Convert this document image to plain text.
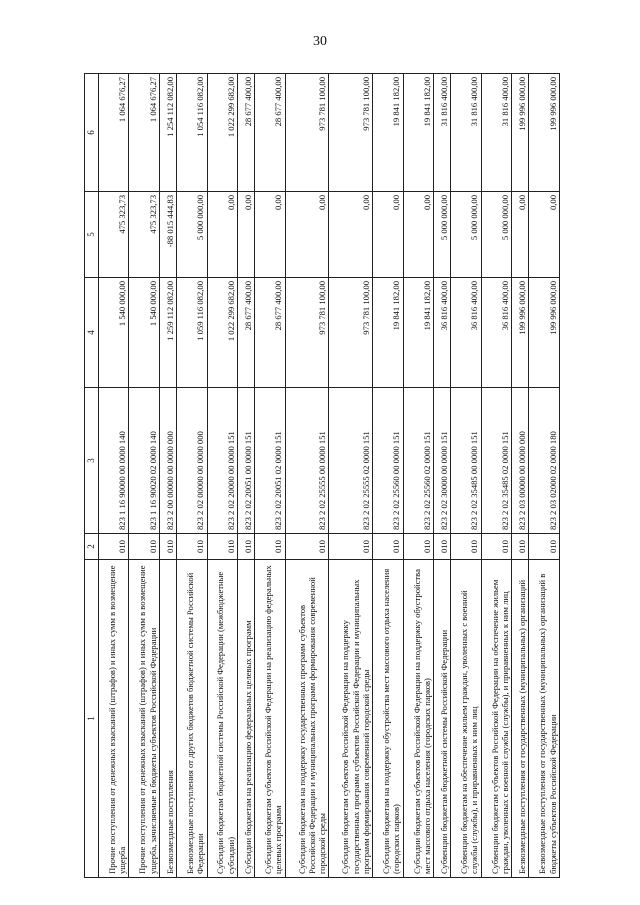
30
1	2	3	4	5	6
Прочие поступления от денежных взысканий (штрафов) и иных сумм в возмещение ущерба	010	823 1 16 90000 00 0000 140	1 540 000,00	475 323,73	1 064 676,27
Прочие поступления от денежных взысканий (штрафов) и иных сумм в возмещение ущерба, зачисляемые в бюджеты субъектов Российской Федерации	010	823 1 16 90020 02 0000 140	1 540 000,00	475 323,73	1 064 676,27
Безвозмездные поступления	010	823 2 00 00000 00 0000 000	1 259 112 082,00	-88 015 444,83	1 254 112 082,00
Безвозмездные поступления от других бюджетов бюджетной системы Российской Федерации	010	823 2 02 00000 00 0000 000	1 059 116 082,00	5 000 000,00	1 054 116 082,00
Субсидии бюджетам бюджетной системы Российской Федерации (межбюджетные субсидии)	010	823 2 02 20000 00 0000 151	1 022 299 682,00	0,00	1 022 299 682,00
Субсидии бюджетам на реализацию федеральных целевых программ	010	823 2 02 20051 00 0000 151	28 677 400,00	0,00	28 677 400,00
Субсидии бюджетам субъектов Российской Федерации на реализацию федеральных целевых программ	010	823 2 02 20051 02 0000 151	28 677 400,00	0,00	28 677 400,00
Субсидии бюджетам на поддержку государственных программ субъектов Российской Федерации и муниципальных программ формирования современной городской среды	010	823 2 02 25555 00 0000 151	973 781 100,00	0,00	973 781 100,00
Субсидии бюджетам субъектов Российской Федерации на поддержку государственных программ субъектов Российской Федерации и муниципальных программ формирования современной городской среды	010	823 2 02 25555 02 0000 151	973 781 100,00	0,00	973 781 100,00
Субсидии бюджетам на поддержку обустройства мест массового отдыха населения (городских парков)	010	823 2 02 25560 00 0000 151	19 841 182,00	0,00	19 841 182,00
Субсидии бюджетам субъектов Российской Федерации на поддержку обустройства мест массового отдыха населения (городских парков)	010	823 2 02 25560 02 0000 151	19 841 182,00	0,00	19 841 182,00
Субвенции бюджетам бюджетной системы Российской Федерации	010	823 2 02 30000 00 0000 151	36 816 400,00	5 000 000,00	31 816 400,00
Субвенции бюджетам на обеспечение жильем граждан, уволенных с военной службы (службы), и приравненных к ним лиц	010	823 2 02 35485 00 0000 151	36 816 400,00	5 000 000,00	31 816 400,00
Субвенции бюджетам субъектов Российской Федерации на обеспечение жильем граждан, уволенных с военной службы (службы), и приравненных к ним лиц	010	823 2 02 35485 02 0000 151	36 816 400,00	5 000 000,00	31 816 400,00
Безвозмездные поступления от государственных (муниципальных) организаций	010	823 2 03 00000 00 0000 000	199 996 000,00	0,00	199 996 000,00
Безвозмездные поступления от государственных (муниципальных) организаций в бюджеты субъектов Российской Федерации	010	823 2 03 02000 02 0000 180	199 996 000,00	0,00	199 996 000,00
